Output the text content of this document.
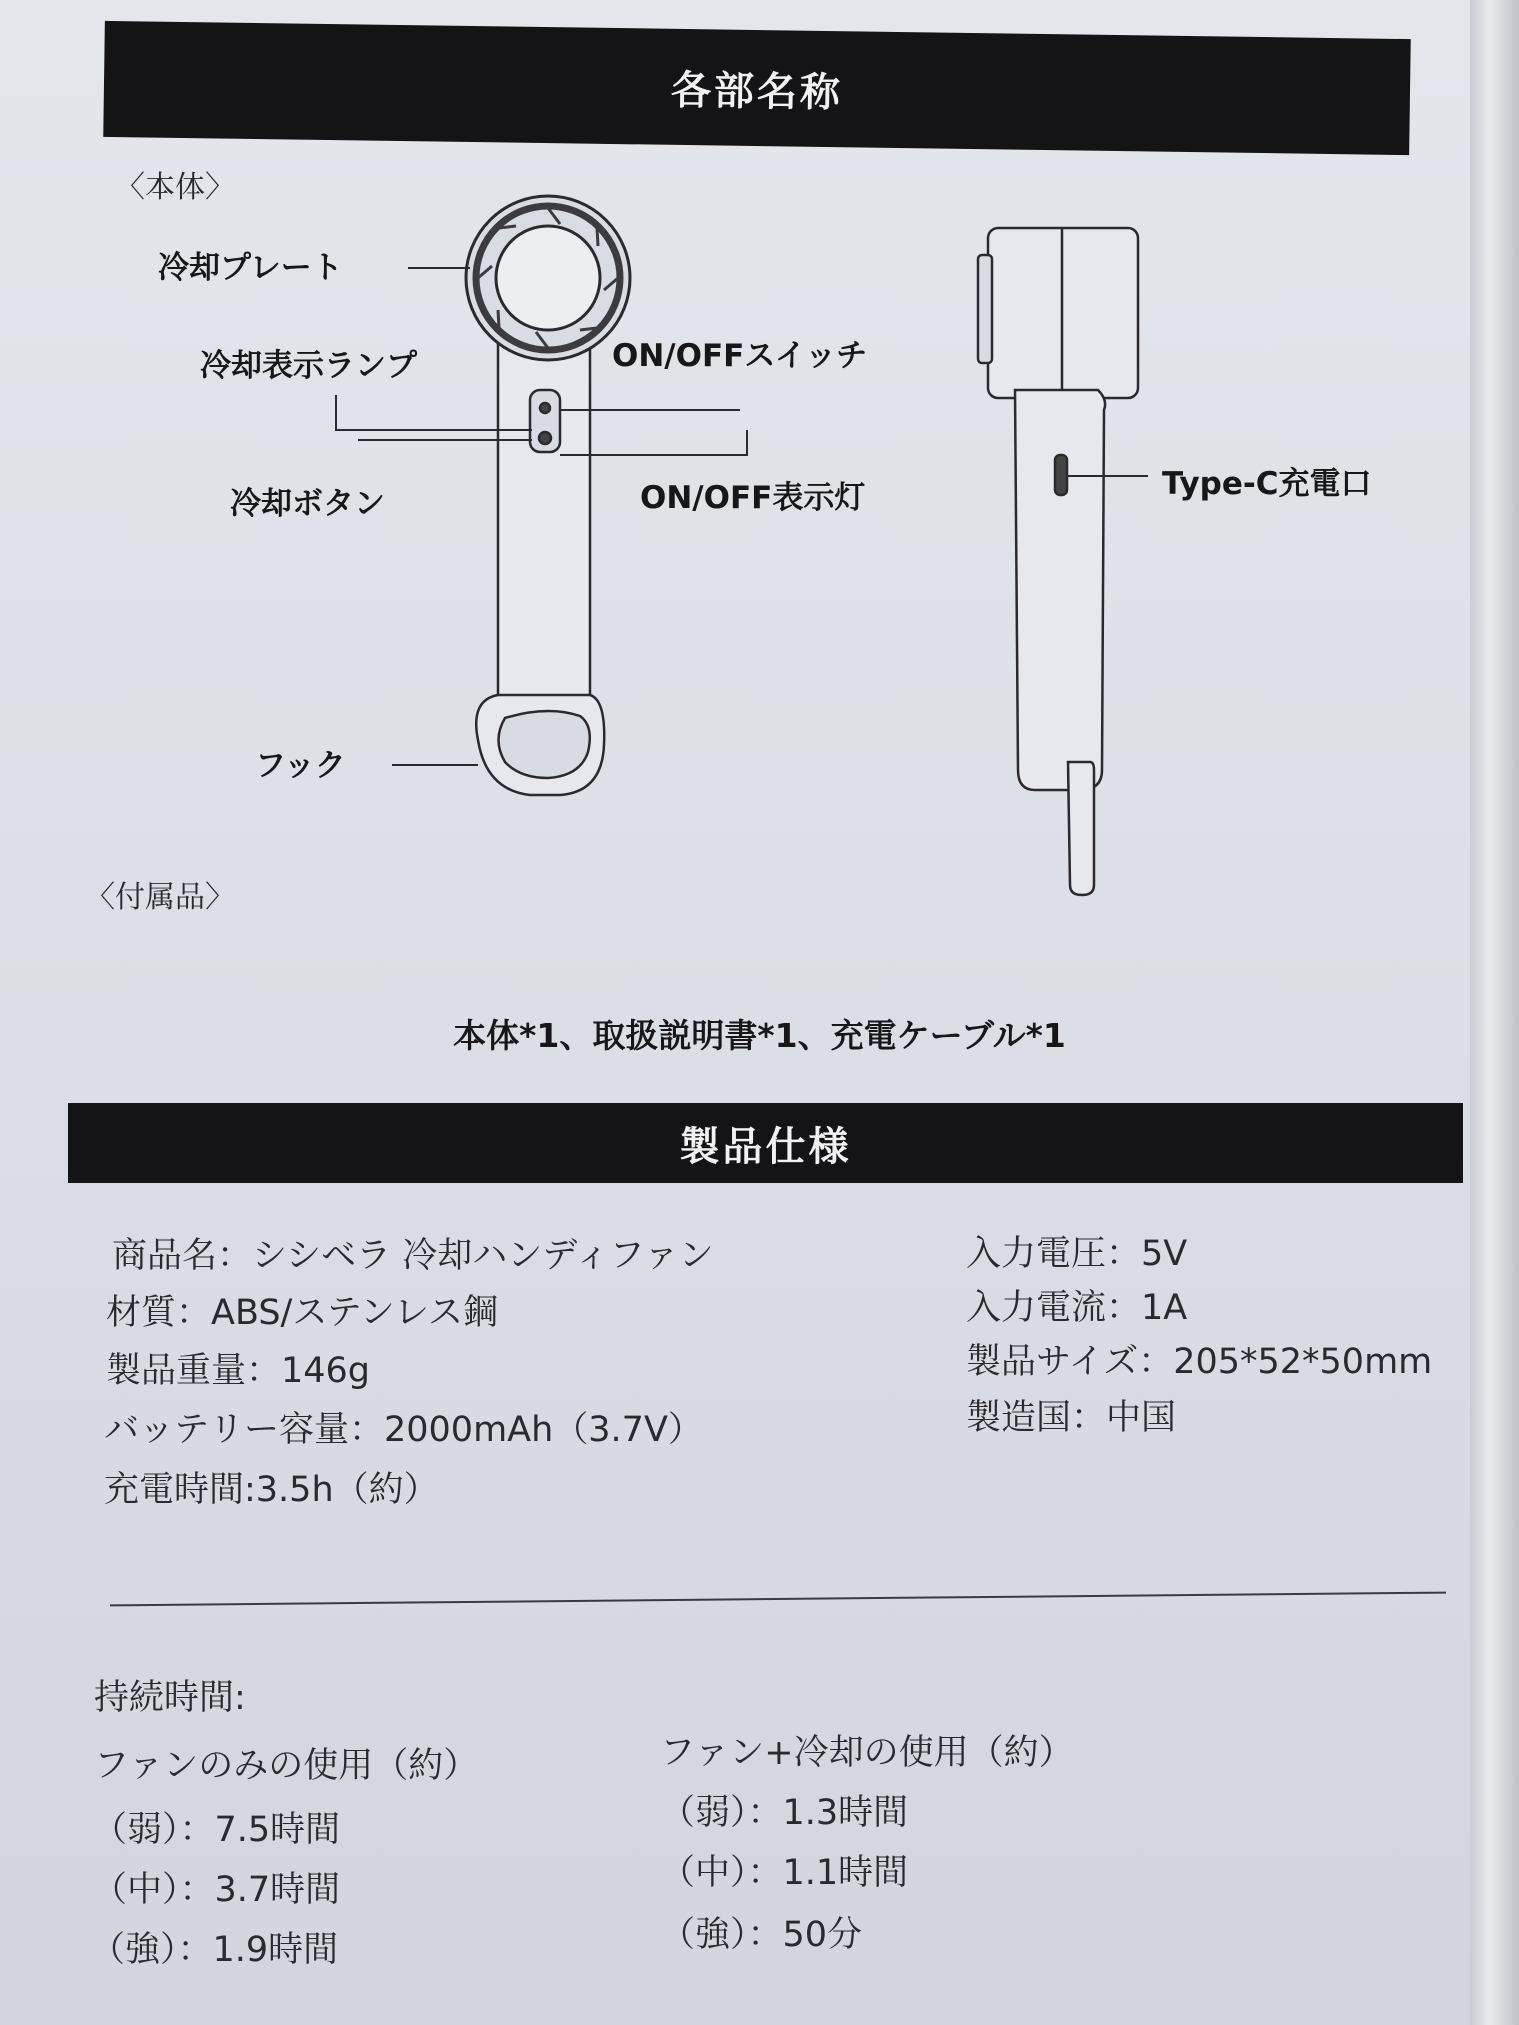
各部名称
〈本体〉
冷却プレート
冷却表示ランプ	ON/OFFスイッチ
冷却ボタン	ON/OFF表示灯
フック
Type-C充電口
〈付属品〉
本体*1、取扱説明書*1、充電ケーブル*1
製品仕様
商品名：シシベラ 冷却ハンディファン
材質：ABS/ステンレス鋼
製品重量：146g
バッテリー容量：2000mAh（3.7V）
充電時間:3.5h（約）
入力電圧：5V
入力電流：1A
製品サイズ：205*52*50mm
製造国：中国
持続時間:
ファンのみの使用（約）
（弱）：7.5時間
（中）：3.7時間
（強）：1.9時間
ファン+冷却の使用（約）
（弱）：1.3時間
（中）：1.1時間
（強）：50分
